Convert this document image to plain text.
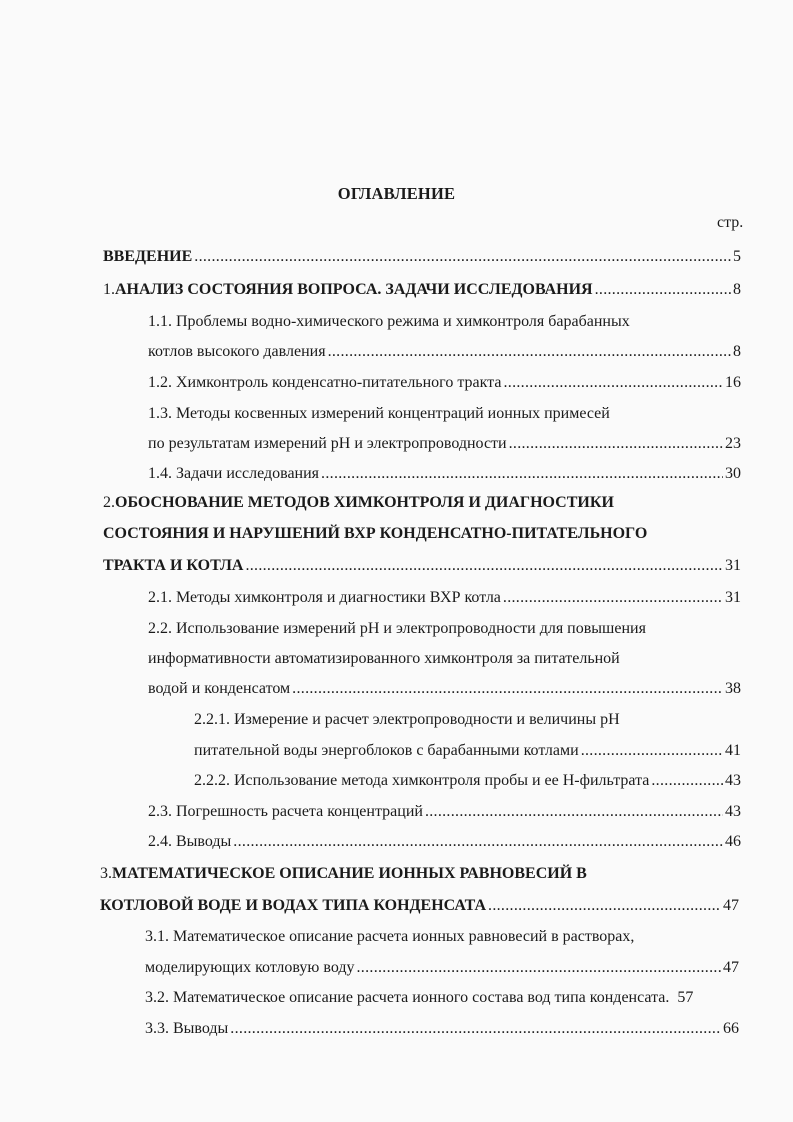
ОГЛАВЛЕНИЕ
стр.
ВВЕДЕНИЕ .....	5
1. АНАЛИЗ СОСТОЯНИЯ ВОПРОСА. ЗАДАЧИ ИССЛЕДОВАНИЯ .....	8
1.1. Проблемы водно-химического режима и химконтроля барабанных
котлов высокого давления .....	8
1.2. Химконтроль конденсатно-питательного тракта .....	16
1.3. Методы косвенных измерений концентраций ионных примесей
по результатам измерений рН и электропроводности .....	23
1.4. Задачи исследования .....	30
2. ОБОСНОВАНИЕ МЕТОДОВ ХИМКОНТРОЛЯ И ДИАГНОСТИКИ
СОСТОЯНИЯ И НАРУШЕНИЙ ВХР КОНДЕНСАТНО-ПИТАТЕЛЬНОГО
ТРАКТА И КОТЛА .....	31
2.1. Методы химконтроля и диагностики ВХР котла .....	31
2.2. Использование измерений рН и электропроводности для повышения
информативности автоматизированного химконтроля за питательной
водой и конденсатом .....	38
2.2.1. Измерение и расчет электропроводности и величины рН
питательной воды энергоблоков с барабанными котлами .....	41
2.2.2. Использование метода химконтроля пробы и ее Н-фильтрата .....	43
2.3. Погрешность расчета концентраций .....	43
2.4. Выводы .....	46
3. МАТЕМАТИЧЕСКОЕ ОПИСАНИЕ ИОННЫХ РАВНОВЕСИЙ В
КОТЛОВОЙ ВОДЕ И ВОДАХ ТИПА КОНДЕНСАТА .....	47
3.1. Математическое описание расчета ионных равновесий в растворах,
моделирующих котловую воду .....	47
3.2. Математическое описание расчета ионного состава вод типа конденсата. 57
3.3. Выводы .....	66
